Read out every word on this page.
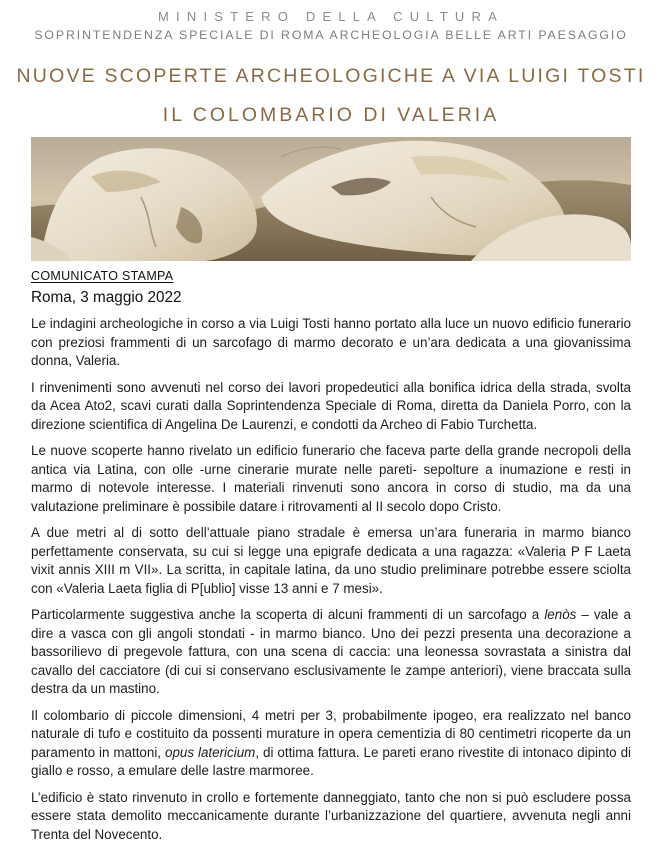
MINISTERO DELLA CULTURA
SOPRINTENDENZA SPECIALE DI ROMA ARCHEOLOGIA BELLE ARTI PAESAGGIO
NUOVE SCOPERTE ARCHEOLOGICHE A VIA LUIGI TOSTI
IL COLOMBARIO DI VALERIA
COMUNICATO STAMPA
Roma, 3 maggio 2022

Le indagini archeologiche in corso a via Luigi Tosti hanno portato alla luce un nuovo edificio funerario con preziosi frammenti di un sarcofago di marmo decorato e un’ara dedicata a una giovanissima donna, Valeria.

I rinvenimenti sono avvenuti nel corso dei lavori propedeutici alla bonifica idrica della strada, svolta da Acea Ato2, scavi curati dalla Soprintendenza Speciale di Roma, diretta da Daniela Porro, con la direzione scientifica di Angelina De Laurenzi, e condotti da Archeo di Fabio Turchetta.

Le nuove scoperte hanno rivelato un edificio funerario che faceva parte della grande necropoli della antica via Latina, con olle -urne cinerarie murate nelle pareti- sepolture a inumazione e resti in marmo di notevole interesse. I materiali rinvenuti sono ancora in corso di studio, ma da una valutazione preliminare è possibile datare i ritrovamenti al II secolo dopo Cristo.

A due metri al di sotto dell’attuale piano stradale è emersa un’ara funeraria in marmo bianco perfettamente conservata, su cui si legge una epigrafe dedicata a una ragazza: «Valeria P F Laeta vixit annis XIII m VII». La scritta, in capitale latina, da uno studio preliminare potrebbe essere sciolta con «Valeria Laeta figlia di P[ublio] visse 13 anni e 7 mesi».

Particolarmente suggestiva anche la scoperta di alcuni frammenti di un sarcofago a lenòs – vale a dire a vasca con gli angoli stondati - in marmo bianco. Uno dei pezzi presenta una decorazione a bassorilievo di pregevole fattura, con una scena di caccia: una leonessa sovrastata a sinistra dal cavallo del cacciatore (di cui si conservano esclusivamente le zampe anteriori), viene braccata sulla destra da un mastino.

Il colombario di piccole dimensioni, 4 metri per 3, probabilmente ipogeo, era realizzato nel banco naturale di tufo e costituito da possenti murature in opera cementizia di 80 centimetri ricoperte da un paramento in mattoni, opus latericium, di ottima fattura. Le pareti erano rivestite di intonaco dipinto di giallo e rosso, a emulare delle lastre marmoree.

L’edificio è stato rinvenuto in crollo e fortemente danneggiato, tanto che non si può escludere possa essere stata demolito meccanicamente durante l’urbanizzazione del quartiere, avvenuta negli anni Trenta del Novecento.
